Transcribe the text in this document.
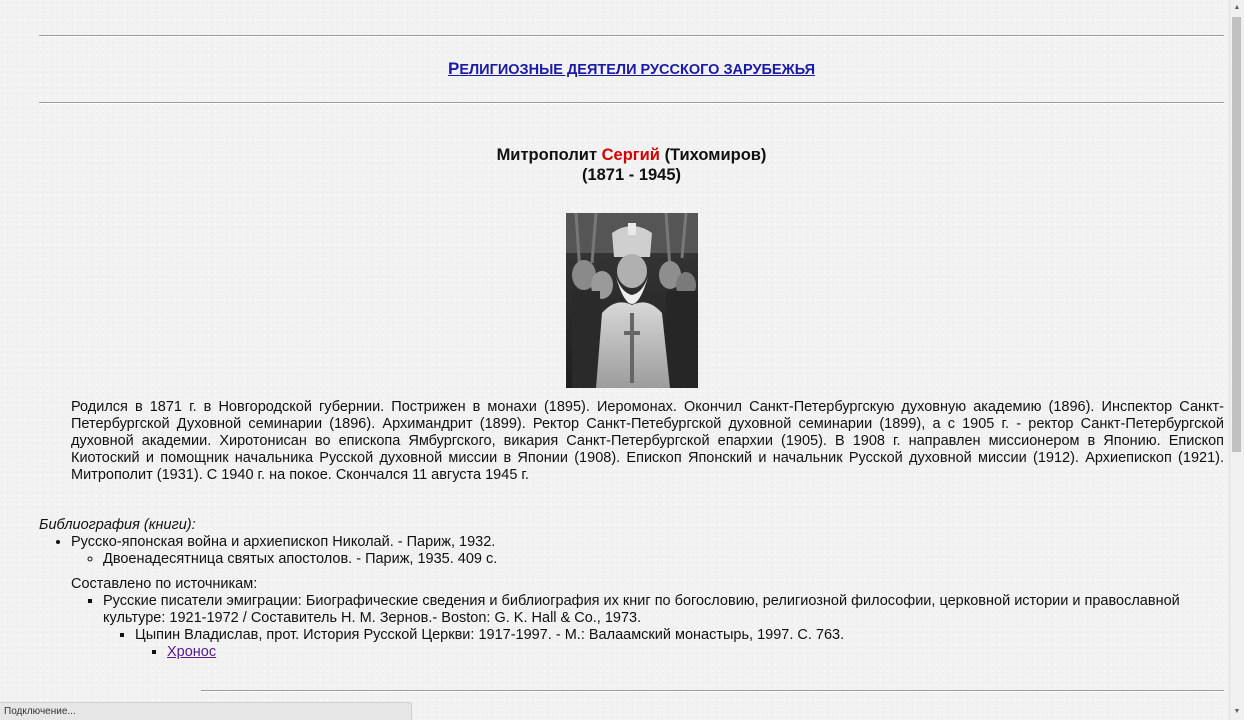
РЕЛИГИОЗНЫЕ ДЕЯТЕЛИ РУССКОГО ЗАРУБЕЖЬЯ
Митрополит Сергий (Тихомиров)
(1871 - 1945)

Родился в 1871 г. в Новгородской губернии. Пострижен в монахи (1895). Иеромонах. Окончил Санкт-Петербургскую духовную академию (1896). Инспектор Санкт-Петербургской Духовной семинарии (1896). Архимандрит (1899). Ректор Санкт-Петебургской духовной семинарии (1899), а с 1905 г. - ректор Санкт-Петербургской духовной академии. Хиротонисан во епископа Ямбургского, викария Санкт-Петербургской епархии (1905). В 1908 г. направлен миссионером в Японию. Епископ Киотоский и помощник начальника Русской духовной миссии в Японии (1908). Епископ Японский и начальник Русской духовной миссии (1912). Архиепископ (1921). Митрополит (1931). С 1940 г. на покое. Скончался 11 августа 1945 г.

Библиография (книги):
• Русско-японская война и архиепископ Николай. - Париж, 1932.
◦ Двоенадесятница святых апостолов. - Париж, 1935. 409 с.
Составлено по источникам:
▪ Русские писатели эмиграции: Биографические сведения и библиография их книг по богословию, религиозной философии, церковной истории и православной культуре: 1921-1972 / Составитель Н. М. Зернов.- Boston: G. K. Hall & Co., 1973.
▪ Цыпин Владислав, прот. История Русской Церкви: 1917-1997. - М.: Валаамский монастырь, 1997. С. 763.
▪ Хронос
▲
▼
Подключение...
